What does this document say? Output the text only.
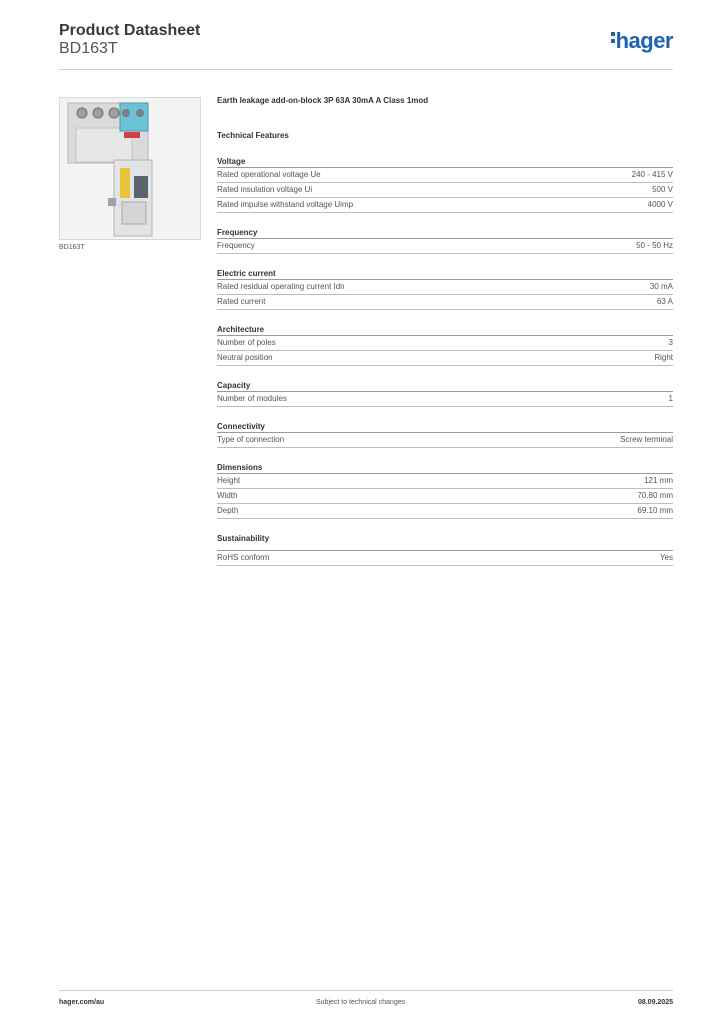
Product Datasheet
BD163T	hager
BD163T
Earth leakage add-on-block 3P 63A 30mA A Class 1mod
Technical Features
Voltage
Rated operational voltage Ue	240 - 415 V
Rated insulation voltage Ui	500 V
Rated impulse withstand voltage Uimp	4000 V
Frequency
Frequency	50 - 50 Hz
Electric current
Rated residual operating current Idn	30 mA
Rated current	63 A
Architecture
Number of poles	3
Neutral position	Right
Capacity
Number of modules	1
Connectivity
Type of connection	Screw terminal
Dimensions
Height	121 mm
Width	70.80 mm
Depth	69.10 mm
Sustainability
RoHS conform	Yes
hager.com/au	Subject to technical changes	08.09.2025
